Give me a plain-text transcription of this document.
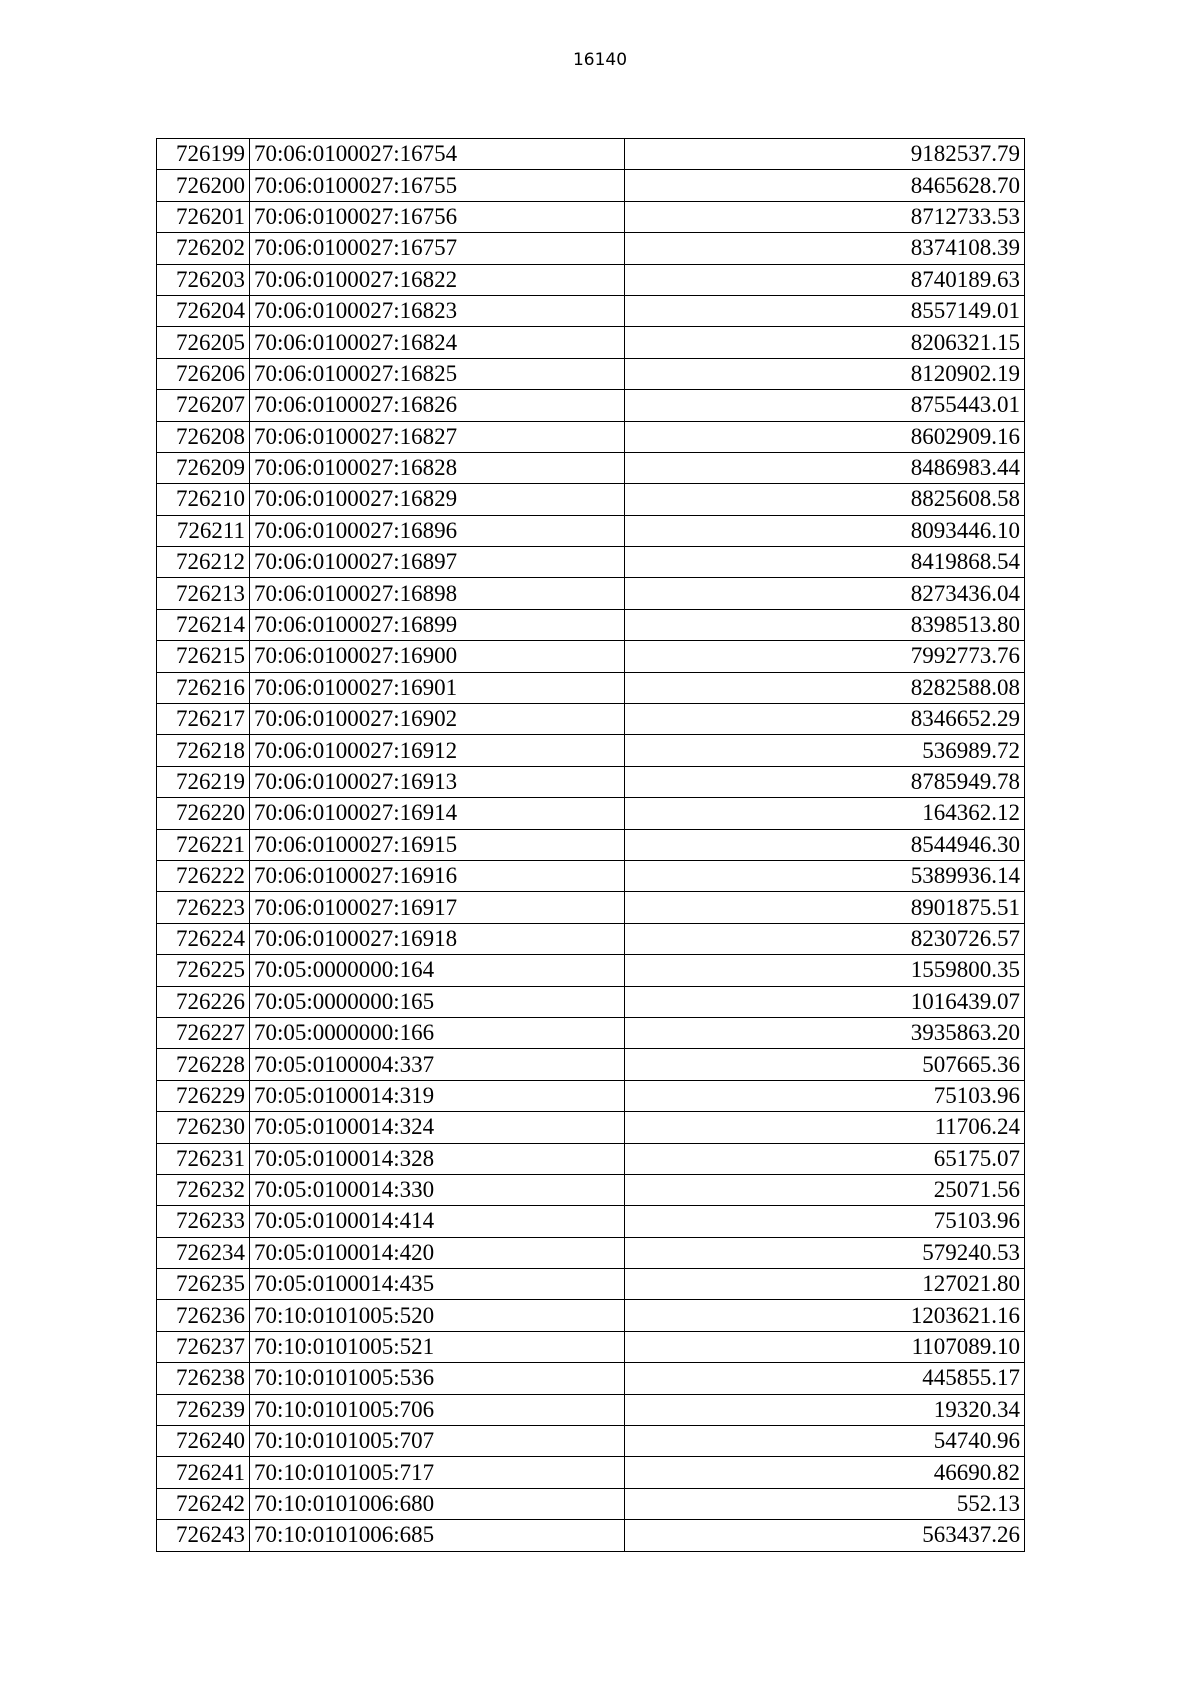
16140
726199	70:06:0100027:16754	9182537.79
726200	70:06:0100027:16755	8465628.70
726201	70:06:0100027:16756	8712733.53
726202	70:06:0100027:16757	8374108.39
726203	70:06:0100027:16822	8740189.63
726204	70:06:0100027:16823	8557149.01
726205	70:06:0100027:16824	8206321.15
726206	70:06:0100027:16825	8120902.19
726207	70:06:0100027:16826	8755443.01
726208	70:06:0100027:16827	8602909.16
726209	70:06:0100027:16828	8486983.44
726210	70:06:0100027:16829	8825608.58
726211	70:06:0100027:16896	8093446.10
726212	70:06:0100027:16897	8419868.54
726213	70:06:0100027:16898	8273436.04
726214	70:06:0100027:16899	8398513.80
726215	70:06:0100027:16900	7992773.76
726216	70:06:0100027:16901	8282588.08
726217	70:06:0100027:16902	8346652.29
726218	70:06:0100027:16912	536989.72
726219	70:06:0100027:16913	8785949.78
726220	70:06:0100027:16914	164362.12
726221	70:06:0100027:16915	8544946.30
726222	70:06:0100027:16916	5389936.14
726223	70:06:0100027:16917	8901875.51
726224	70:06:0100027:16918	8230726.57
726225	70:05:0000000:164	1559800.35
726226	70:05:0000000:165	1016439.07
726227	70:05:0000000:166	3935863.20
726228	70:05:0100004:337	507665.36
726229	70:05:0100014:319	75103.96
726230	70:05:0100014:324	11706.24
726231	70:05:0100014:328	65175.07
726232	70:05:0100014:330	25071.56
726233	70:05:0100014:414	75103.96
726234	70:05:0100014:420	579240.53
726235	70:05:0100014:435	127021.80
726236	70:10:0101005:520	1203621.16
726237	70:10:0101005:521	1107089.10
726238	70:10:0101005:536	445855.17
726239	70:10:0101005:706	19320.34
726240	70:10:0101005:707	54740.96
726241	70:10:0101005:717	46690.82
726242	70:10:0101006:680	552.13
726243	70:10:0101006:685	563437.26
